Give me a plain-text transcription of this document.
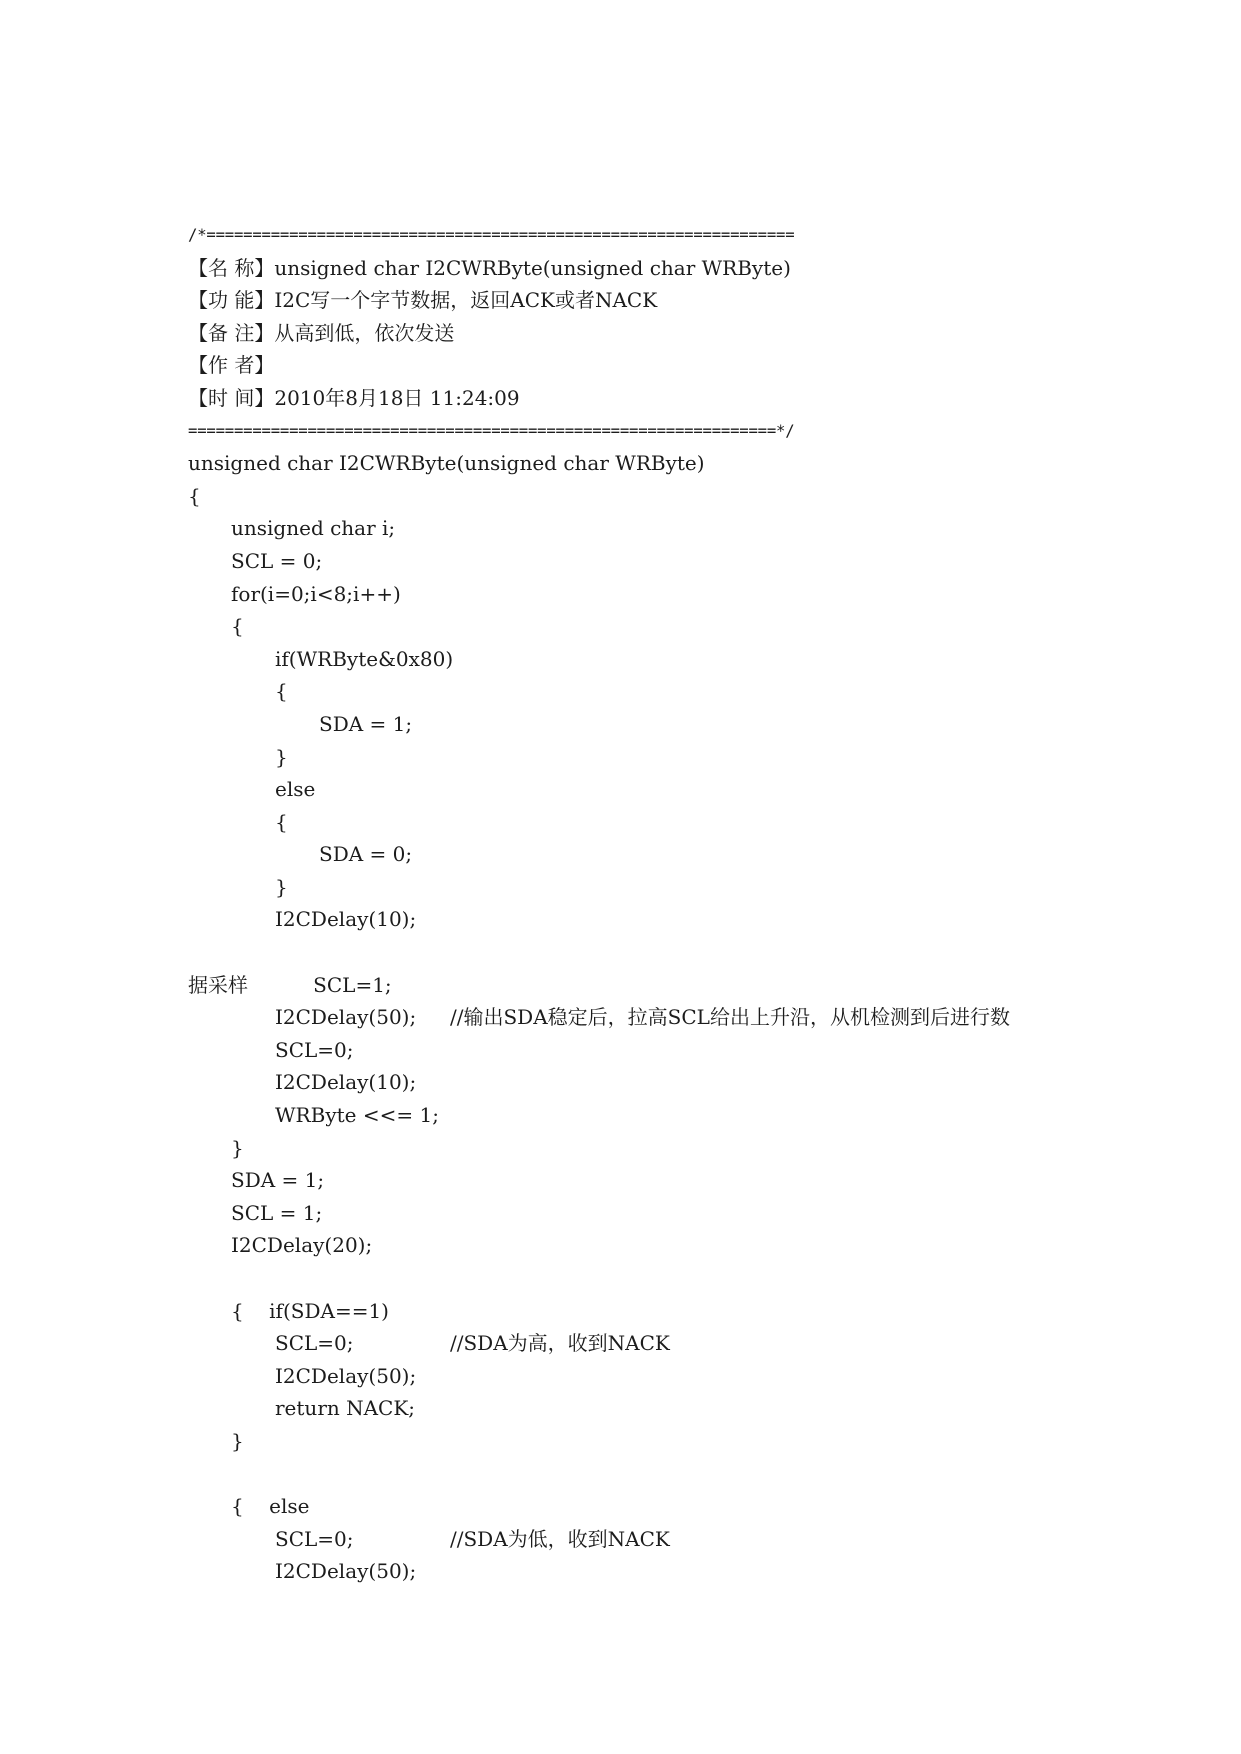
/*================================================================
【名 称】unsigned char I2CWRByte(unsigned char WRByte)
【功 能】I2C写一个字节数据，返回ACK或者NACK
【备 注】从高到低，依次发送
【作 者】
【时 间】2010年8月18日 11:24:09
================================================================*/
unsigned char I2CWRByte(unsigned char WRByte)
{
unsigned char i;
SCL = 0;
for(i=0;i<8;i++)
{
if(WRByte&0x80)
{
SDA = 1;
}
else
{
SDA = 0;
}
I2CDelay(10);

SCL=1;

//输出SDA稳定后，拉高SCL给出上升沿，从机检测到后进行数

据采样
I2CDelay(50);
SCL=0;
I2CDelay(10);
WRByte <<= 1;
}
SDA = 1;
SCL = 1;
I2CDelay(20);

if(SDA==1)

//SDA为高，收到NACK

{
SCL=0;
I2CDelay(50);
return NACK;
}

else

//SDA为低，收到NACK

{
SCL=0;
I2CDelay(50);
